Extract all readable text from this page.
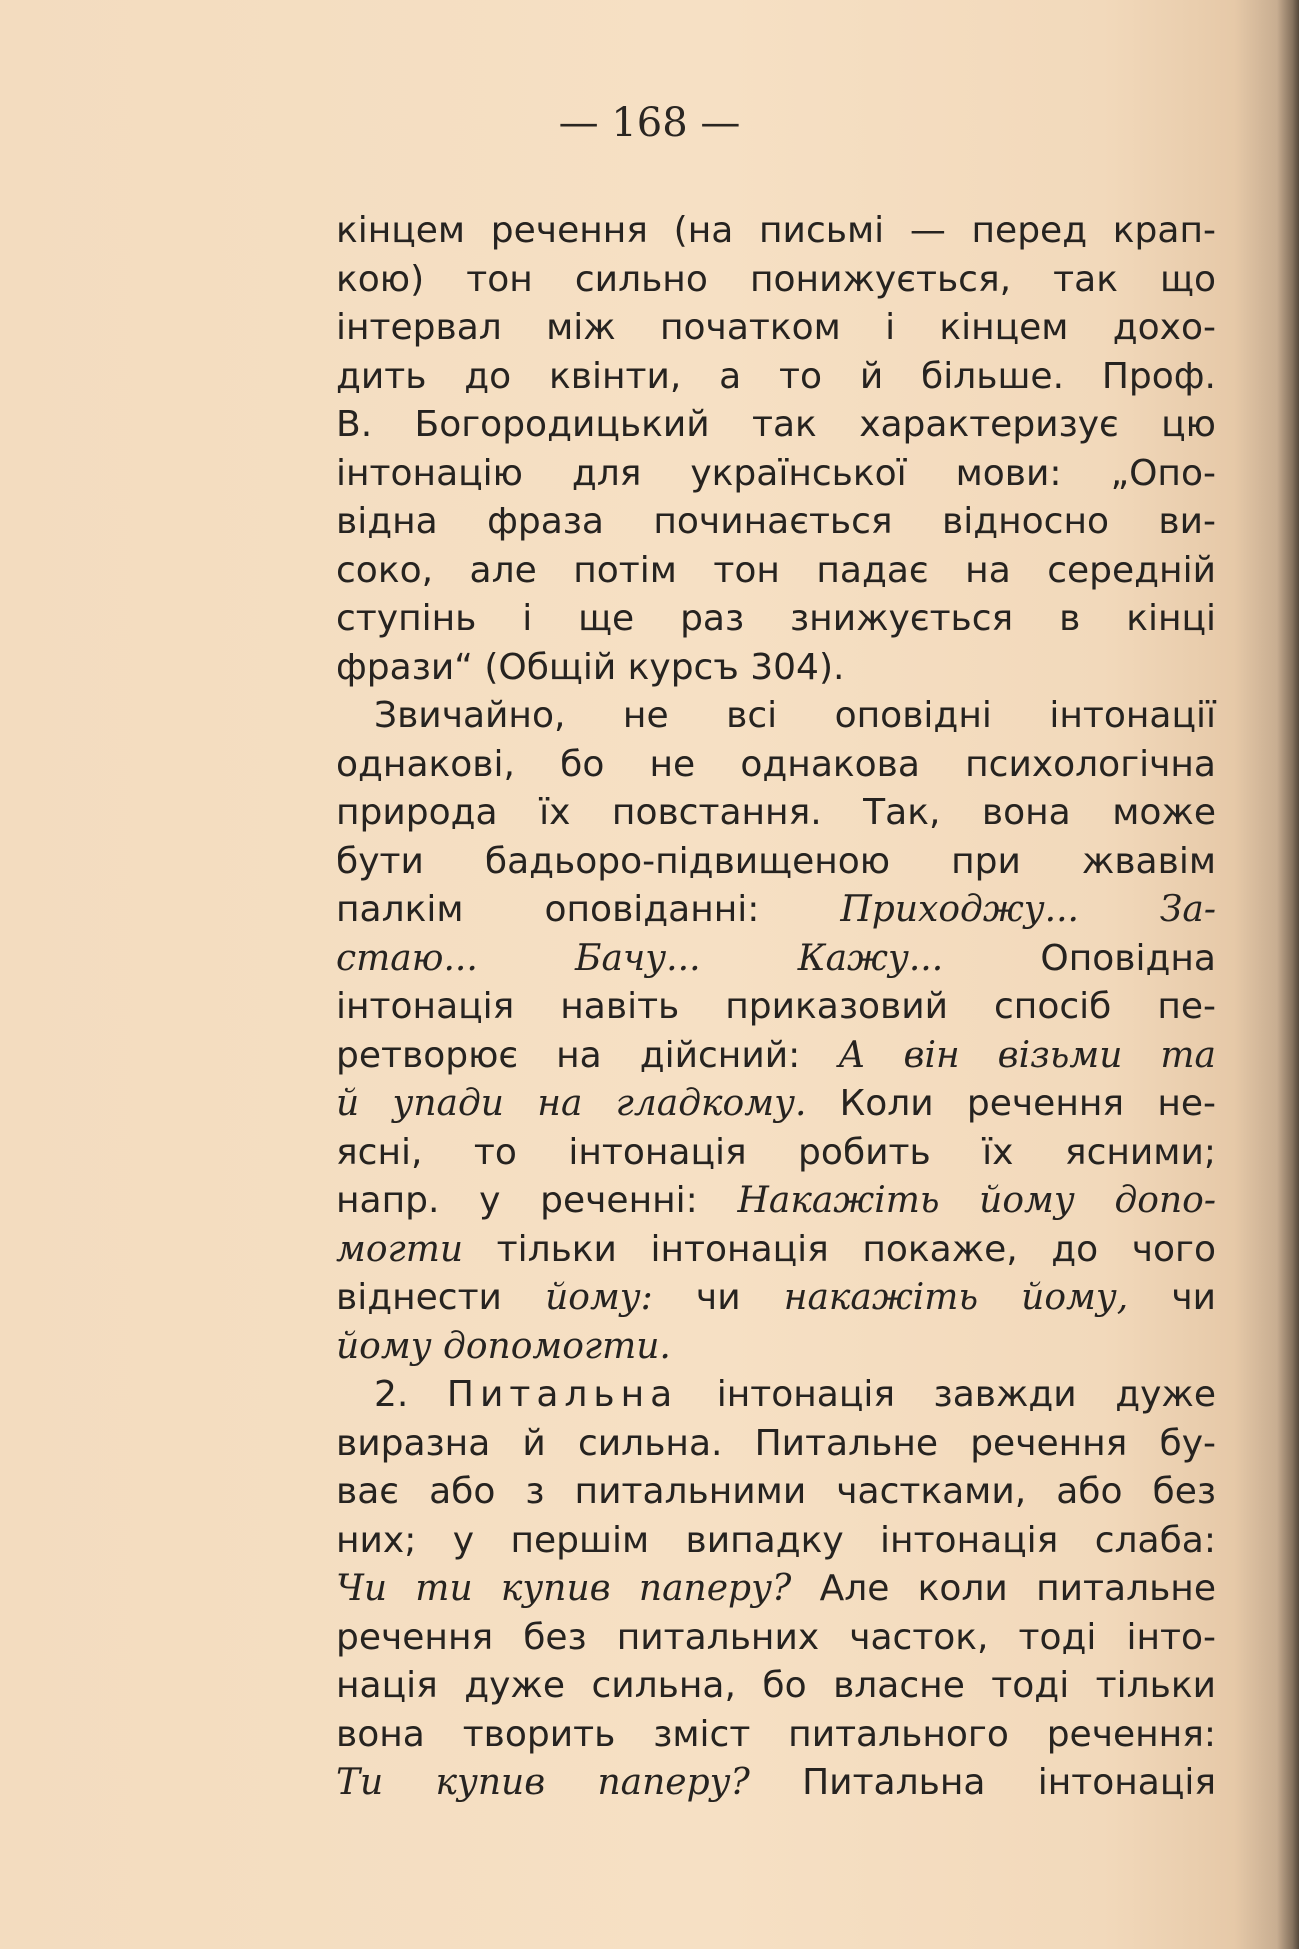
— 168 —
кінцем речення (на письмі — перед крап-
кою) тон сильно понижується, так що
інтервал між початком і кінцем дохо-
дить до квінти, а то й більше. Проф.
В. Богородицький так характеризує цю
інтонацію для української мови: „Опо-
відна фраза починається відносно ви-
соко, але потім тон падає на середній
ступінь і ще раз знижується в кінці
фрази“ (Общій курсъ 304).
Звичайно, не всі оповідні інтонації
однакові, бо не однакова психологічна
природа їх повстання. Так, вона може
бути бадьоро-підвищеною при жвавім
палкім оповіданні: Приходжу... За-
стаю... Бачу... Кажу... Оповідна
інтонація навіть приказовий спосіб пе-
ретворює на дійсний: А він візьми та
й упади на гладкому. Коли речення не-
ясні, то інтонація робить їх ясними;
напр. у реченні: Накажіть йому допо-
могти тільки інтонація покаже, до чого
віднести йому: чи накажіть йому, чи
йому допомогти.
2. Питальна інтонація завжди дуже
виразна й сильна. Питальне речення бу-
ває або з питальними частками, або без
них; у першім випадку інтонація слаба:
Чи ти купив паперу? Але коли питальне
речення без питальних часток, тоді інто-
нація дуже сильна, бо власне тоді тільки
вона творить зміст питального речення:
Ти купив паперу? Питальна інтонація
